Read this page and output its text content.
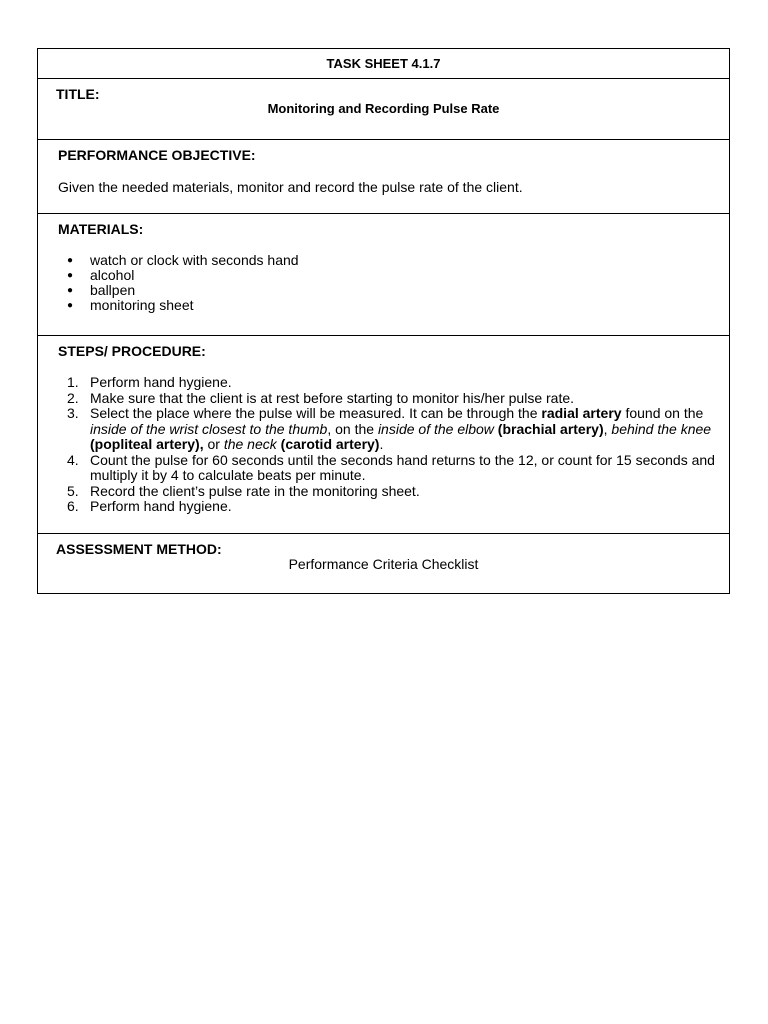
TASK SHEET 4.1.7
TITLE:
Monitoring and Recording Pulse Rate
PERFORMANCE OBJECTIVE:
Given the needed materials, monitor and record the pulse rate of the client.
MATERIALS:
● watch or clock with seconds hand
● alcohol
● ballpen
● monitoring sheet
STEPS/ PROCEDURE:
1. Perform hand hygiene.
2. Make sure that the client is at rest before starting to monitor his/her pulse rate.
3. Select the place where the pulse will be measured. It can be through the radial artery found on the inside of the wrist closest to the thumb, on the inside of the elbow (brachial artery), behind the knee (popliteal artery), or the neck (carotid artery).
4. Count the pulse for 60 seconds until the seconds hand returns to the 12, or count for 15 seconds and multiply it by 4 to calculate beats per minute.
5. Record the client’s pulse rate in the monitoring sheet.
6. Perform hand hygiene.
ASSESSMENT METHOD:
Performance Criteria Checklist
